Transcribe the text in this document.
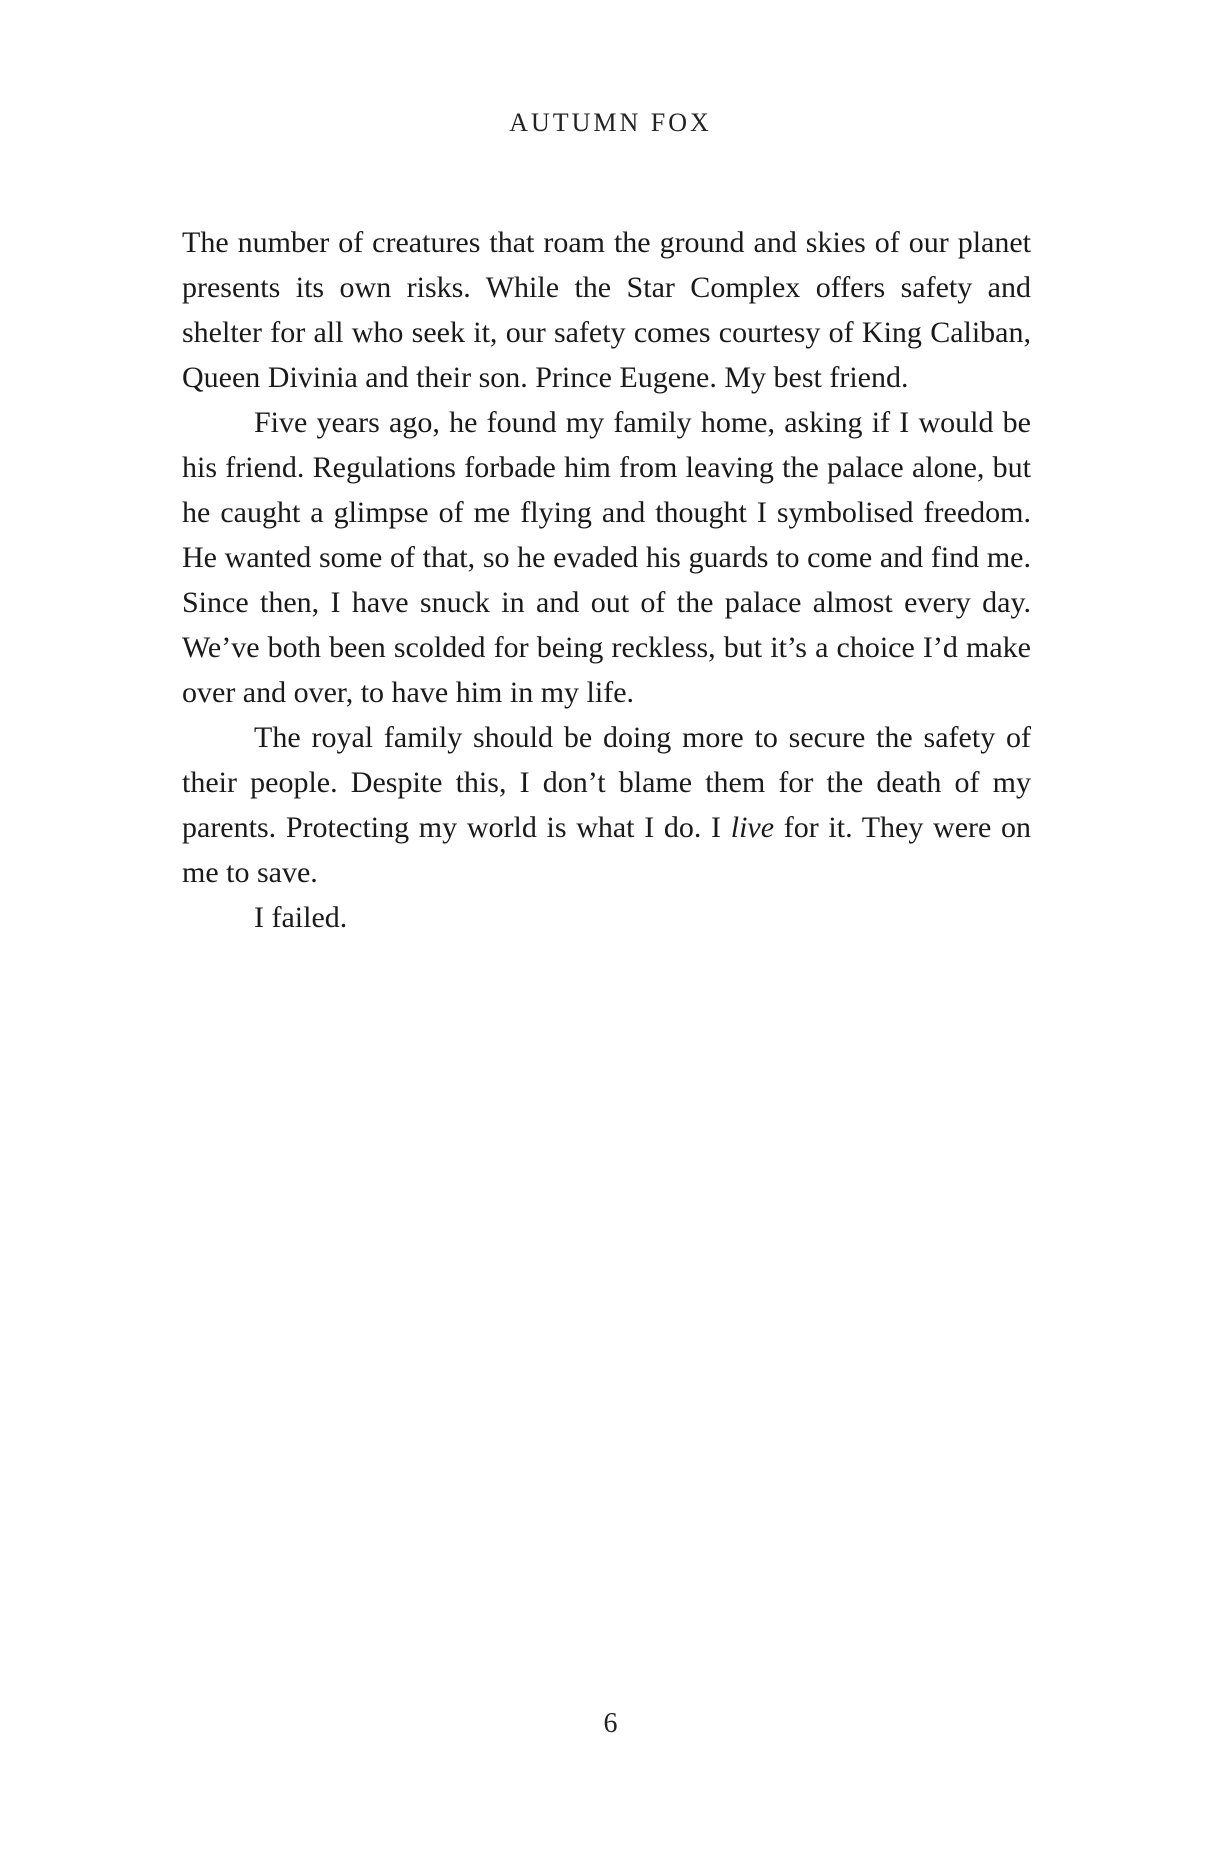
AUTUMN FOX

The number of creatures that roam the ground and skies of our planet presents its own risks. While the Star Complex offers safety and shelter for all who seek it, our safety comes courtesy of King Caliban, Queen Divinia and their son. Prince Eugene. My best friend.

Five years ago, he found my family home, asking if I would be his friend. Regulations forbade him from leaving the palace alone, but he caught a glimpse of me flying and thought I symbolised freedom. He wanted some of that, so he evaded his guards to come and find me. Since then, I have snuck in and out of the palace almost every day. We’ve both been scolded for being reckless, but it’s a choice I’d make over and over, to have him in my life.

The royal family should be doing more to secure the safety of their people. Despite this, I don’t blame them for the death of my parents. Protecting my world is what I do. I live for it. They were on me to save.

I failed.

6
